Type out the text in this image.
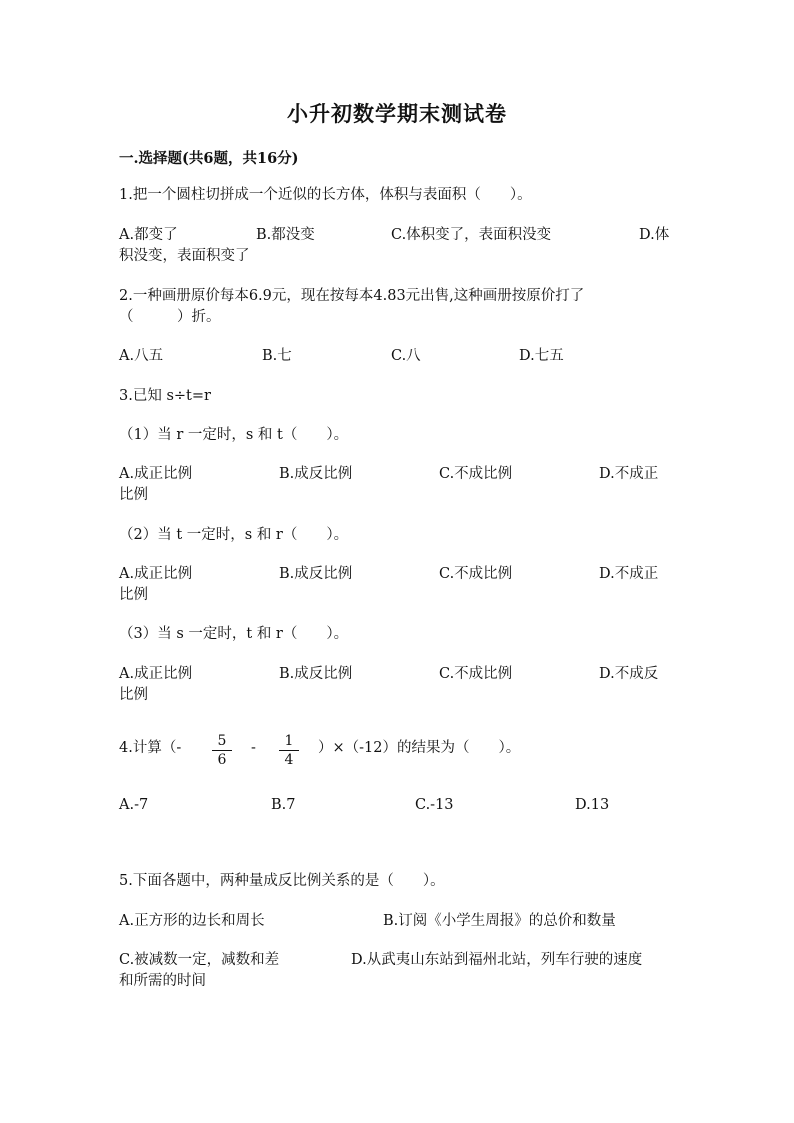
小升初数学期末测试卷
一.选择题(共6题，共16分)
1.把一个圆柱切拼成一个近似的长方体，体积与表面积（　　）。
A.都变了	B.都没变	C.体积变了，表面积没变	D.体
积没变，表面积变了
2.一种画册原价每本6.9元，现在按每本4.83元出售,这种画册按原价打了
（　　　）折。
A.八五	B.七	C.八	D.七五
3.已知 s÷t=r
（1）当 r 一定时，s 和 t（　　）。
A.成正比例	B.成反比例	C.不成比例	D.不成正
比例
（2）当 t 一定时，s 和 r（　　）。
A.成正比例	B.成反比例	C.不成比例	D.不成正
比例
（3）当 s 一定时，t 和 r（　　）。
A.成正比例	B.成反比例	C.不成比例	D.不成反
比例
4.计算（-	5
6
-	1
4
）×（-12）的结果为（　　）。
A.-7	B.7	C.-13	D.13
5.下面各题中，两种量成反比例关系的是（　　）。
A.正方形的边长和周长	B.订阅《小学生周报》的总价和数量
C.被减数一定，减数和差	D.从武夷山东站到福州北站，列车行驶的速度
和所需的时间
